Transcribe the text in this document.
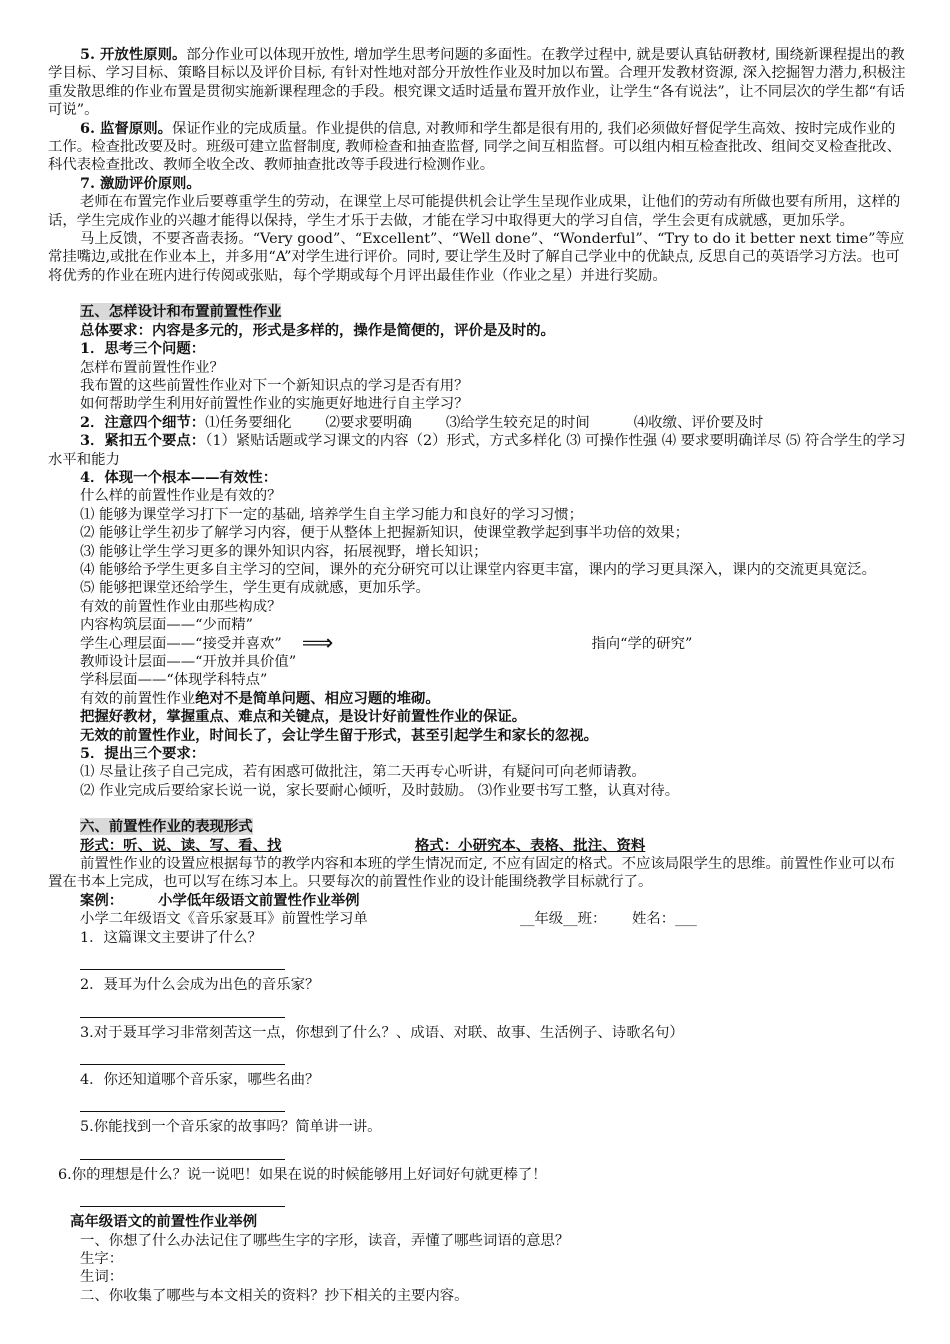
5. 开放性原则。部分作业可以体现开放性, 增加学生思考问题的多面性。在教学过程中, 就是要认真钻研教材, 围绕新课程提出的教学目标、学习目标、策略目标以及评价目标, 有针对性地对部分开放性作业及时加以布置。合理开发教材资源, 深入挖掘智力潜力,积极注重发散思维的作业布置是贯彻实施新课程理念的手段。根究课文适时适量布置开放作业，让学生“各有说法”，让不同层次的学生都“有话可说”。

6. 监督原则。保证作业的完成质量。作业提供的信息, 对教师和学生都是很有用的, 我们必须做好督促学生高效、按时完成作业的工作。检查批改要及时。班级可建立监督制度, 教师检查和抽查监督, 同学之间互相监督。可以组内相互检查批改、组间交叉检查批改、科代表检查批改、教师全收全改、教师抽查批改等手段进行检测作业。

7. 激励评价原则。

老师在布置完作业后要尊重学生的劳动，在课堂上尽可能提供机会让学生呈现作业成果，让他们的劳动有所做也要有所用，这样的话，学生完成作业的兴趣才能得以保持，学生才乐于去做，才能在学习中取得更大的学习自信，学生会更有成就感，更加乐学。

马上反馈，不要吝啬表扬。“Very good”、“Excellent”、“Well done”、“Wonderful”、“Try to do it better next time”等应常挂嘴边,或批在作业本上，并多用“A”对学生进行评价。同时, 要让学生及时了解自己学业中的优缺点, 反思自己的英语学习方法。也可将优秀的作业在班内进行传阅或张贴，每个学期或每个月评出最佳作业（作业之星）并进行奖励。

五、怎样设计和布置前置性作业

总体要求：内容是多元的，形式是多样的，操作是简便的，评价是及时的。

1．思考三个问题：

怎样布置前置性作业？

我布置的这些前置性作业对下一个新知识点的学习是否有用？

如何帮助学生利用好前置性作业的实施更好地进行自主学习？

2．注意四个细节： ⑴任务要细化 ⑵要求要明确 ⑶给学生较充足的时间	⑷收缴、评价要及时

3．紧扣五个要点：（1）紧贴话题或学习课文的内容（2）形式，方式多样化 ⑶ 可操作性强 ⑷ 要求要明确详尽 ⑸ 符合学生的学习水平和能力

4．体现一个根本——有效性：

什么样的前置性作业是有效的？

⑴ 能够为课堂学习打下一定的基础, 培养学生自主学习能力和良好的学习习惯；

⑵ 能够让学生初步了解学习内容，便于从整体上把握新知识，使课堂教学起到事半功倍的效果；

⑶ 能够让学生学习更多的课外知识内容，拓展视野，增长知识；

⑷ 能够给予学生更多自主学习的空间，课外的充分研究可以让课堂内容更丰富，课内的学习更具深入，课内的交流更具宽泛。

⑸ 能够把课堂还给学生，学生更有成就感，更加乐学。

有效的前置性作业由那些构成？

内容构筑层面——“少而精”

学生心理层面——“接受并喜欢” ⟹	指向“学的研究”

教师设计层面——“开放并具价值”

学科层面——“体现学科特点”

有效的前置性作业绝对不是简单问题、相应习题的堆砌。

把握好教材，掌握重点、难点和关键点，是设计好前置性作业的保证。

无效的前置性作业，时间长了，会让学生留于形式，甚至引起学生和家长的忽视。

5．提出三个要求：

⑴ 尽量让孩子自己完成，若有困惑可做批注，第二天再专心听讲，有疑问可向老师请教。

⑵ 作业完成后要给家长说一说，家长要耐心倾听，及时鼓励。 ⑶作业要书写工整，认真对待。

六、前置性作业的表现形式

形式：听、说、读、写、看、找	格式：小研究本、表格、批注、资料

前置性作业的设置应根据每节的教学内容和本班的学生情况而定, 不应有固定的格式。不应该局限学生的思维。前置性作业可以布置在书本上完成，也可以写在练习本上。只要每次的前置性作业的设计能围绕教学目标就行了。

案例：	小学低年级语文前置性作业举例

小学二年级语文《音乐家聂耳》前置性学习单	__年级__班：	姓名：___

1．这篇课文主要讲了什么？

2．聂耳为什么会成为出色的音乐家？

3.对于聂耳学习非常刻苦这一点，你想到了什么？、成语、对联、故事、生活例子、诗歌名句）

4．你还知道哪个音乐家，哪些名曲？

5.你能找到一个音乐家的故事吗？简单讲一讲。

6.你的理想是什么？说一说吧！如果在说的时候能够用上好词好句就更棒了！

高年级语文的前置性作业举例

一、你想了什么办法记住了哪些生字的字形，读音，弄懂了哪些词语的意思？

生字：

生词：

二、你收集了哪些与本文相关的资料？抄下相关的主要内容。
